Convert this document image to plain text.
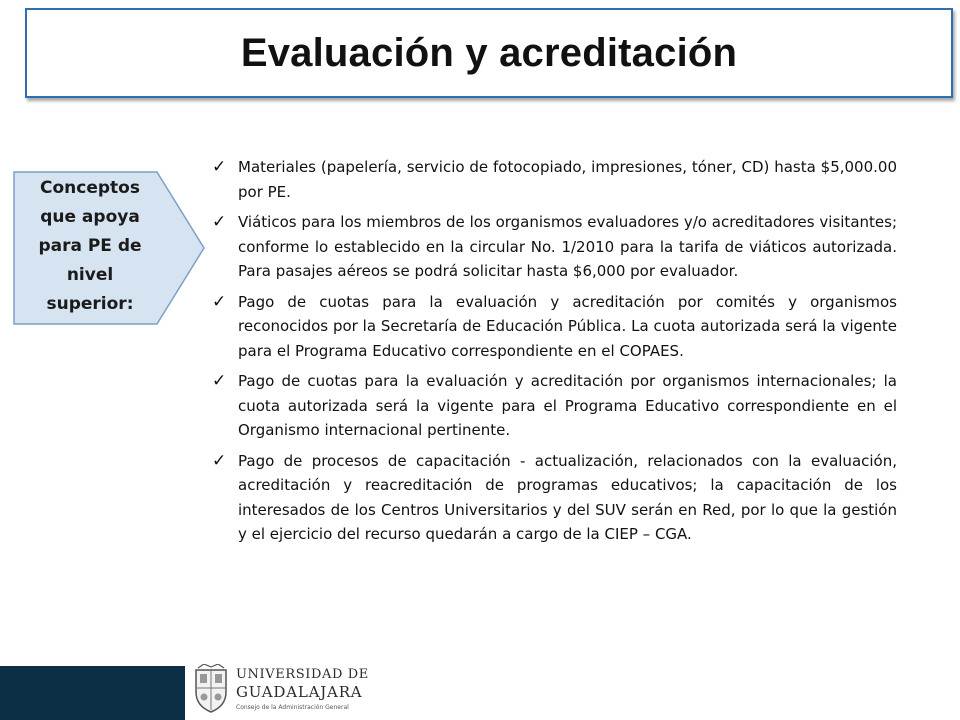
Evaluación y acreditación
Conceptos
que apoya
para PE de
nivel
superior:
✓ Materiales (papelería, servicio de fotocopiado, impresiones, tóner, CD) hasta $5,000.00 por PE.
✓ Viáticos para los miembros de los organismos evaluadores y/o acreditadores visitantes; conforme lo establecido en la circular No. 1/2010 para la tarifa de viáticos autorizada. Para pasajes aéreos se podrá solicitar hasta $6,000 por evaluador.
✓ Pago de cuotas para la evaluación y acreditación por comités y organismos reconocidos por la Secretaría de Educación Pública. La cuota autorizada será la vigente para el Programa Educativo correspondiente en el COPAES.
✓ Pago de cuotas para la evaluación y acreditación por organismos internacionales; la cuota autorizada será la vigente para el Programa Educativo correspondiente en el Organismo internacional pertinente.
✓ Pago de procesos de capacitación - actualización, relacionados con la evaluación, acreditación y reacreditación de programas educativos; la capacitación de los interesados de los Centros Universitarios y del SUV serán en Red, por lo que la gestión y el ejercicio del recurso quedarán a cargo de la CIEP – CGA.
UNIVERSIDAD DE
GUADALAJARA
Consejo de la Administración General
